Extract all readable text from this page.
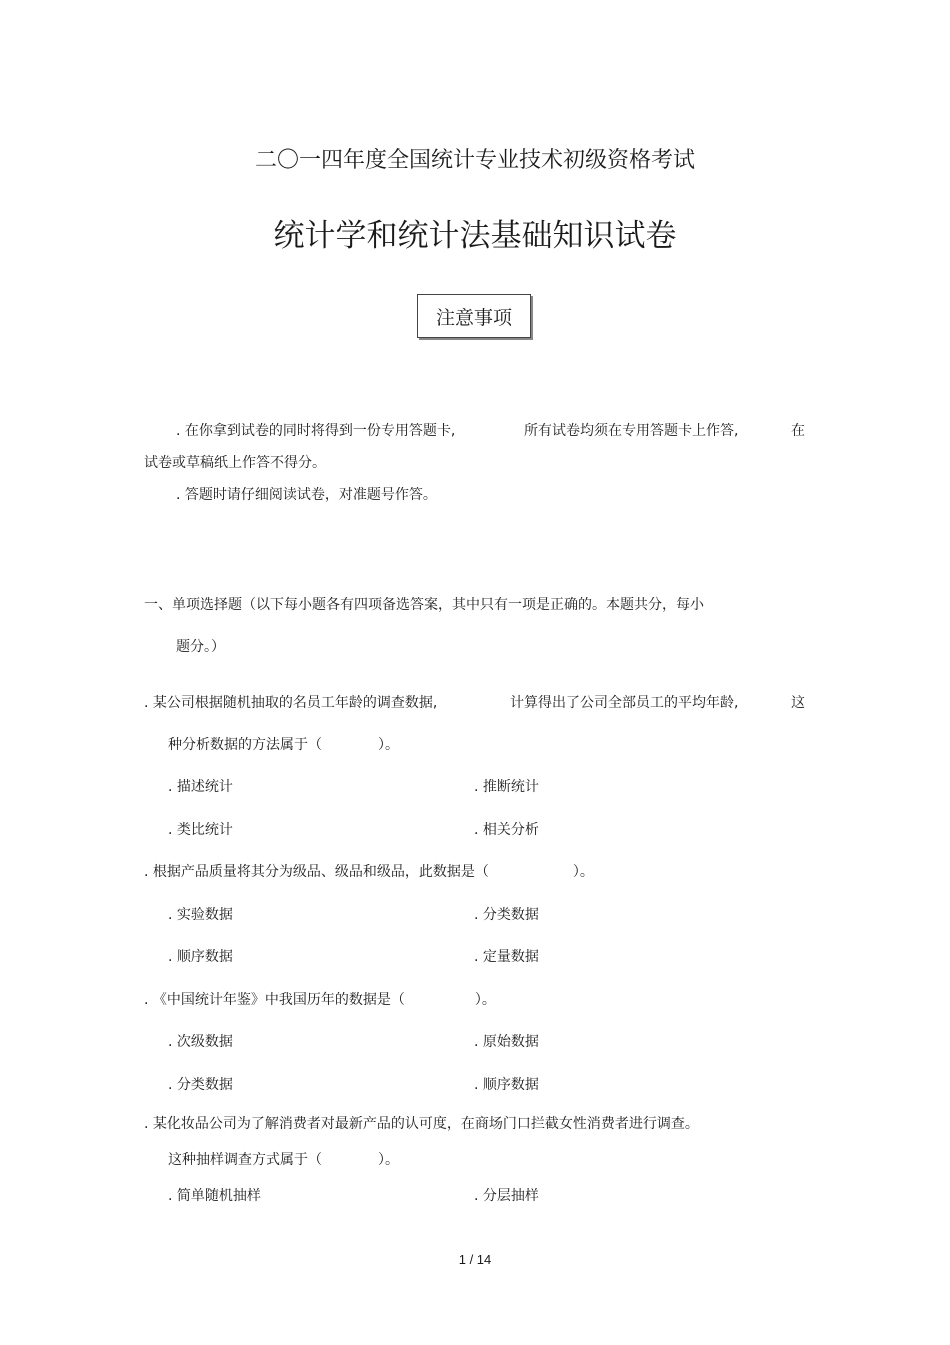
二〇一四年度全国统计专业技术初级资格考试
统计学和统计法基础知识试卷
注意事项
. 在你拿到试卷的同时将得到一份专用答题卡,	所有试卷均须在专用答题卡上作答,	在
试卷或草稿纸上作答不得分。
. 答题时请仔细阅读试卷，对准题号作答。
一、单项选择题（以下每小题各有四项备选答案，其中只有一项是正确的。本题共分，每小
题分。）
. 某公司根据随机抽取的名员工年龄的调查数据,	计算得出了公司全部员工的平均年龄,	这
种分析数据的方法属于（　　　　）。
. 描述统计	. 推断统计
. 类比统计	. 相关分析
. 根据产品质量将其分为级品、级品和级品，此数据是（　　　　　　）。
. 实验数据	. 分类数据
. 顺序数据	. 定量数据
. 《中国统计年鉴》中我国历年的数据是（　　　　　）。
. 次级数据	. 原始数据
. 分类数据	. 顺序数据
. 某化妆品公司为了解消费者对最新产品的认可度，在商场门口拦截女性消费者进行调查。
这种抽样调查方式属于（　　　　）。
. 简单随机抽样	. 分层抽样
1 / 14
